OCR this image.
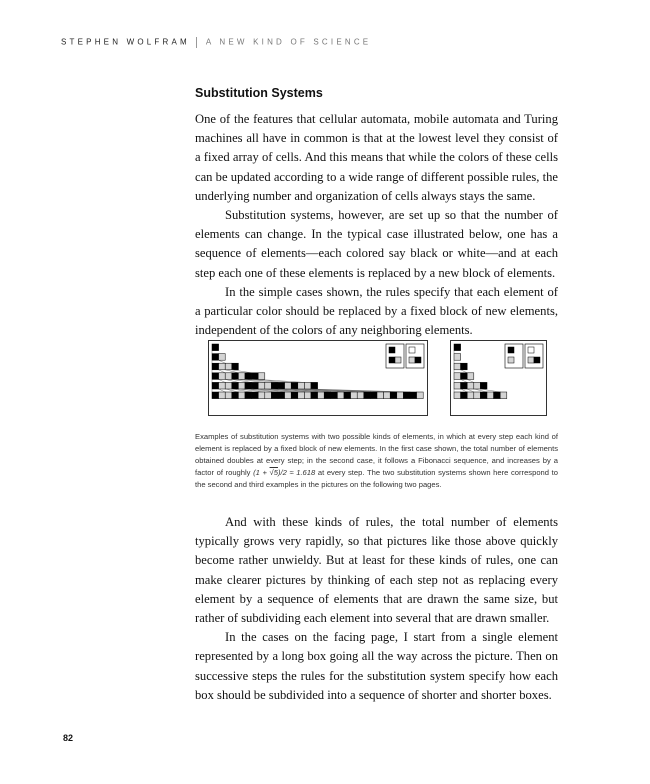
STEPHEN WOLFRAM A NEW KIND OF SCIENCE
Substitution Systems

One of the features that cellular automata, mobile automata and Turing machines all have in common is that at the lowest level they consist of a fixed array of cells. And this means that while the colors of these cells can be updated according to a wide range of different possible rules, the underlying number and organization of cells always stays the same.

Substitution systems, however, are set up so that the number of elements can change. In the typical case illustrated below, one has a sequence of elements—each colored say black or white—and at each step each one of these elements is replaced by a new block of elements.

In the simple cases shown, the rules specify that each element of a particular color should be replaced by a fixed block of new elements, independent of the colors of any neighboring elements.

Examples of substitution systems with two possible kinds of elements, in which at every step each kind of element is replaced by a fixed block of new elements. In the first case shown, the total number of elements obtained doubles at every step; in the second case, it follows a Fibonacci sequence, and increases by a factor of roughly (1 + √5)/2 ≈ 1.618 at every step. The two substitution systems shown here correspond to the second and third examples in the pictures on the following two pages.

And with these kinds of rules, the total number of elements typically grows very rapidly, so that pictures like those above quickly become rather unwieldy. But at least for these kinds of rules, one can make clearer pictures by thinking of each step not as replacing every element by a sequence of elements that are drawn the same size, but rather of subdividing each element into several that are drawn smaller.

In the cases on the facing page, I start from a single element represented by a long box going all the way across the picture. Then on successive steps the rules for the substitution system specify how each box should be subdivided into a sequence of shorter and shorter boxes.

82
